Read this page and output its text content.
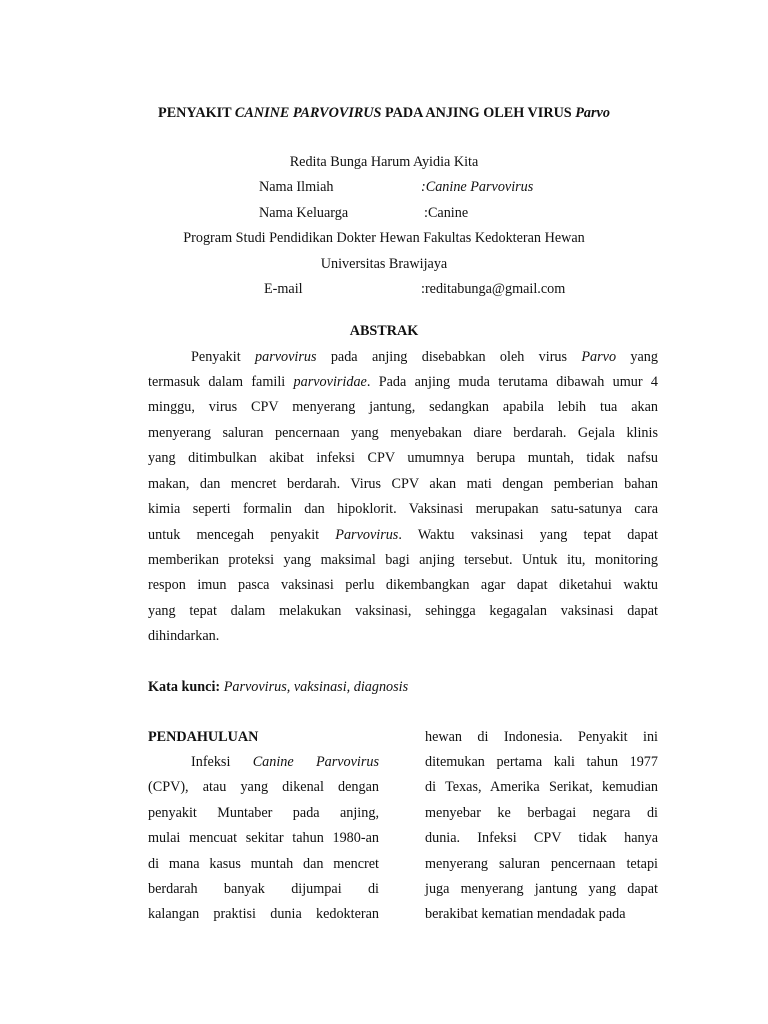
PENYAKIT CANINE PARVOVIRUS PADA ANJING OLEH VIRUS Parvo
Redita Bunga Harum Ayidia Kita
Nama Ilmiah	:Canine Parvovirus
Nama Keluarga	:Canine
Program Studi Pendidikan Dokter Hewan Fakultas Kedokteran Hewan
Universitas Brawijaya
E-mail	:reditabunga@gmail.com
ABSTRAK
Penyakit parvovirus pada anjing disebabkan oleh virus Parvo yang
termasuk dalam famili parvoviridae. Pada anjing muda terutama dibawah umur 4
minggu, virus CPV menyerang jantung, sedangkan apabila lebih tua akan
menyerang saluran pencernaan yang menyebakan diare berdarah. Gejala klinis
yang ditimbulkan akibat infeksi CPV umumnya berupa muntah, tidak nafsu
makan, dan mencret berdarah. Virus CPV akan mati dengan pemberian bahan
kimia seperti formalin dan hipoklorit. Vaksinasi merupakan satu-satunya cara
untuk mencegah penyakit Parvovirus. Waktu vaksinasi yang tepat dapat
memberikan proteksi yang maksimal bagi anjing tersebut. Untuk itu, monitoring
respon imun pasca vaksinasi perlu dikembangkan agar dapat diketahui waktu
yang tepat dalam melakukan vaksinasi, sehingga kegagalan vaksinasi dapat
dihindarkan.
Kata kunci: Parvovirus, vaksinasi, diagnosis
PENDAHULUAN
Infeksi Canine Parvovirus
(CPV), atau yang dikenal dengan
penyakit Muntaber pada anjing,
mulai mencuat sekitar tahun 1980-an
di mana kasus muntah dan mencret
berdarah banyak dijumpai di
kalangan praktisi dunia kedokteran
hewan di Indonesia. Penyakit ini
ditemukan pertama kali tahun 1977
di Texas, Amerika Serikat, kemudian
menyebar ke berbagai negara di
dunia. Infeksi CPV tidak hanya
menyerang saluran pencernaan tetapi
juga menyerang jantung yang dapat
berakibat kematian mendadak pada
